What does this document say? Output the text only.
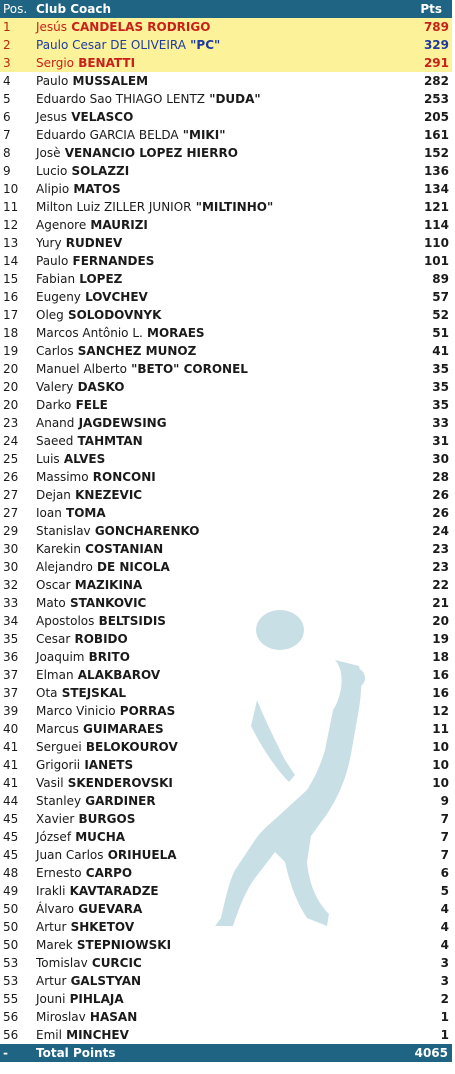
Pos.	Club Coach	Pts
1	Jesús CANDELAS RODRIGO	789
2	Paulo Cesar DE OLIVEIRA "PC"	329
3	Sergio BENATTI	291
4	Paulo MUSSALEM	282
5	Eduardo Sao THIAGO LENTZ "DUDA"	253
6	Jesus VELASCO	205
7	Eduardo GARCIA BELDA "MIKI"	161
8	Josè VENANCIO LOPEZ HIERRO	152
9	Lucio SOLAZZI	136
10	Alipio MATOS	134
11	Milton Luiz ZILLER JUNIOR "MILTINHO"	121
12	Agenore MAURIZI	114
13	Yury RUDNEV	110
14	Paulo FERNANDES	101
15	Fabian LOPEZ	89
16	Eugeny LOVCHEV	57
17	Oleg SOLODOVNYK	52
18	Marcos Antônio L. MORAES	51
19	Carlos SANCHEZ MUNOZ	41
20	Manuel Alberto "BETO" CORONEL	35
20	Valery DASKO	35
20	Darko FELE	35
23	Anand JAGDEWSING	33
24	Saeed TAHMTAN	31
25	Luis ALVES	30
26	Massimo RONCONI	28
27	Dejan KNEZEVIC	26
27	Ioan TOMA	26
29	Stanislav GONCHARENKO	24
30	Karekin COSTANIAN	23
30	Alejandro DE NICOLA	23
32	Oscar MAZIKINA	22
33	Mato STANKOVIC	21
34	Apostolos BELTSIDIS	20
35	Cesar ROBIDO	19
36	Joaquim BRITO	18
37	Elman ALAKBAROV	16
37	Ota STEJSKAL	16
39	Marco Vinicio PORRAS	12
40	Marcus GUIMARAES	11
41	Serguei BELOKOUROV	10
41	Grigorii IANETS	10
41	Vasil SKENDEROVSKI	10
44	Stanley GARDINER	9
45	Xavier BURGOS	7
45	József MUCHA	7
45	Juan Carlos ORIHUELA	7
48	Ernesto CARPO	6
49	Irakli KAVTARADZE	5
50	Álvaro GUEVARA	4
50	Artur SHKETOV	4
50	Marek STEPNIOWSKI	4
53	Tomislav CURCIC	3
53	Artur GALSTYAN	3
55	Jouni PIHLAJA	2
56	Miroslav HASAN	1
56	Emil MINCHEV	1
-	Total Points	4065
